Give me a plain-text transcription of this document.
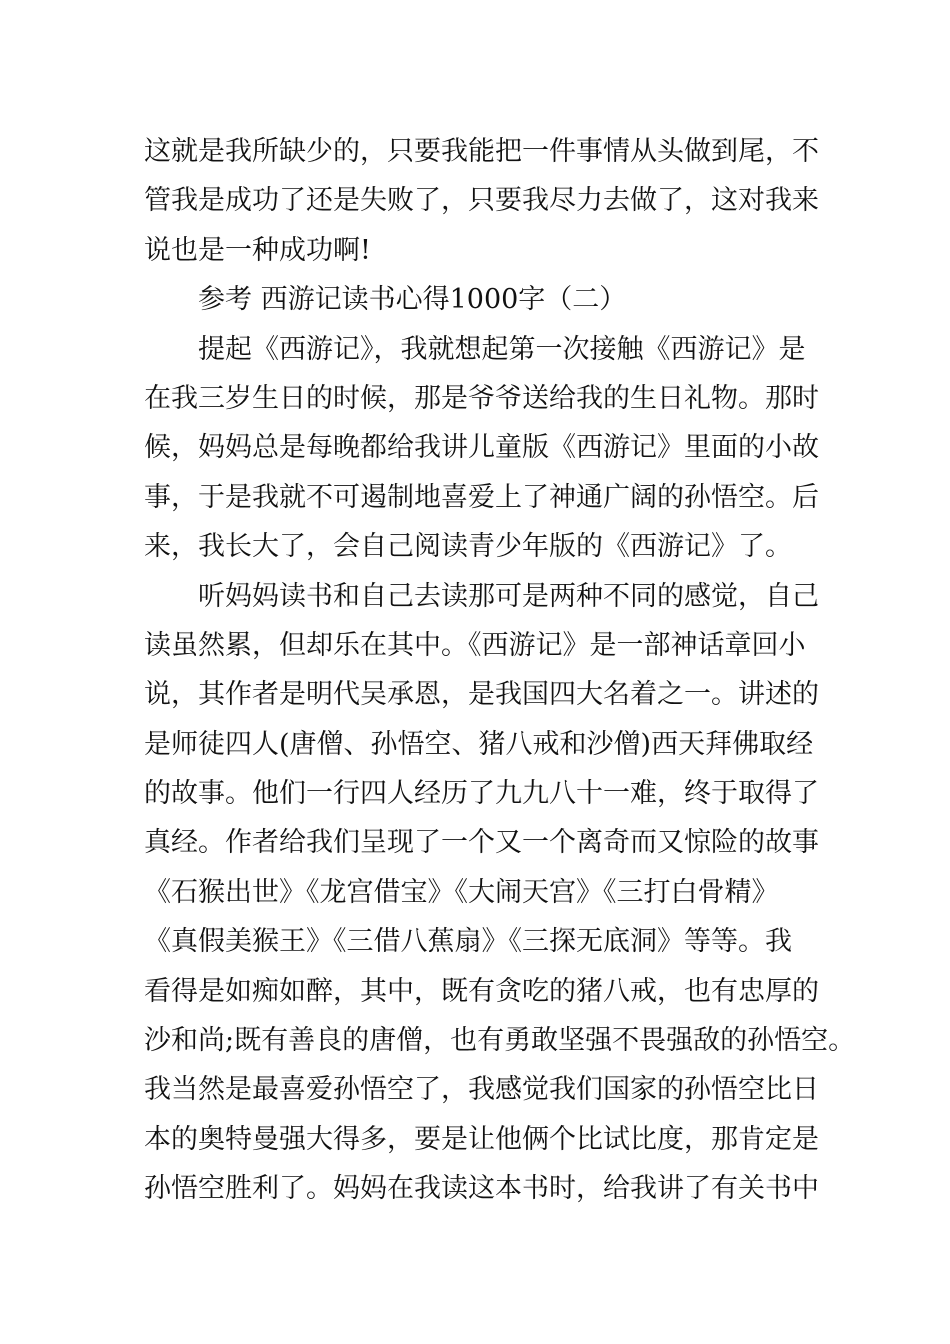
这就是我所缺少的，只要我能把一件事情从头做到尾，不
管我是成功了还是失败了，只要我尽力去做了，这对我来
说也是一种成功啊!
参考 西游记读书心得1000字（二）
提起《西游记》，我就想起第一次接触《西游记》是
在我三岁生日的时候，那是爷爷送给我的生日礼物。那时
候，妈妈总是每晚都给我讲儿童版《西游记》里面的小故
事，于是我就不可遏制地喜爱上了神通广阔的孙悟空。后
来，我长大了，会自己阅读青少年版的《西游记》了。
听妈妈读书和自己去读那可是两种不同的感觉，自己
读虽然累，但却乐在其中。《西游记》是一部神话章回小
说，其作者是明代吴承恩，是我国四大名着之一。讲述的
是师徒四人(唐僧、孙悟空、猪八戒和沙僧)西天拜佛取经
的故事。他们一行四人经历了九九八十一难，终于取得了
真经。作者给我们呈现了一个又一个离奇而又惊险的故事
《石猴出世》《龙宫借宝》《大闹天宫》《三打白骨精》
《真假美猴王》《三借八蕉扇》《三探无底洞》等等。我
看得是如痴如醉，其中，既有贪吃的猪八戒，也有忠厚的
沙和尚;既有善良的唐僧，也有勇敢坚强不畏强敌的孙悟空。
我当然是最喜爱孙悟空了，我感觉我们国家的孙悟空比日
本的奥特曼强大得多，要是让他俩个比试比度，那肯定是
孙悟空胜利了。妈妈在我读这本书时，给我讲了有关书中
